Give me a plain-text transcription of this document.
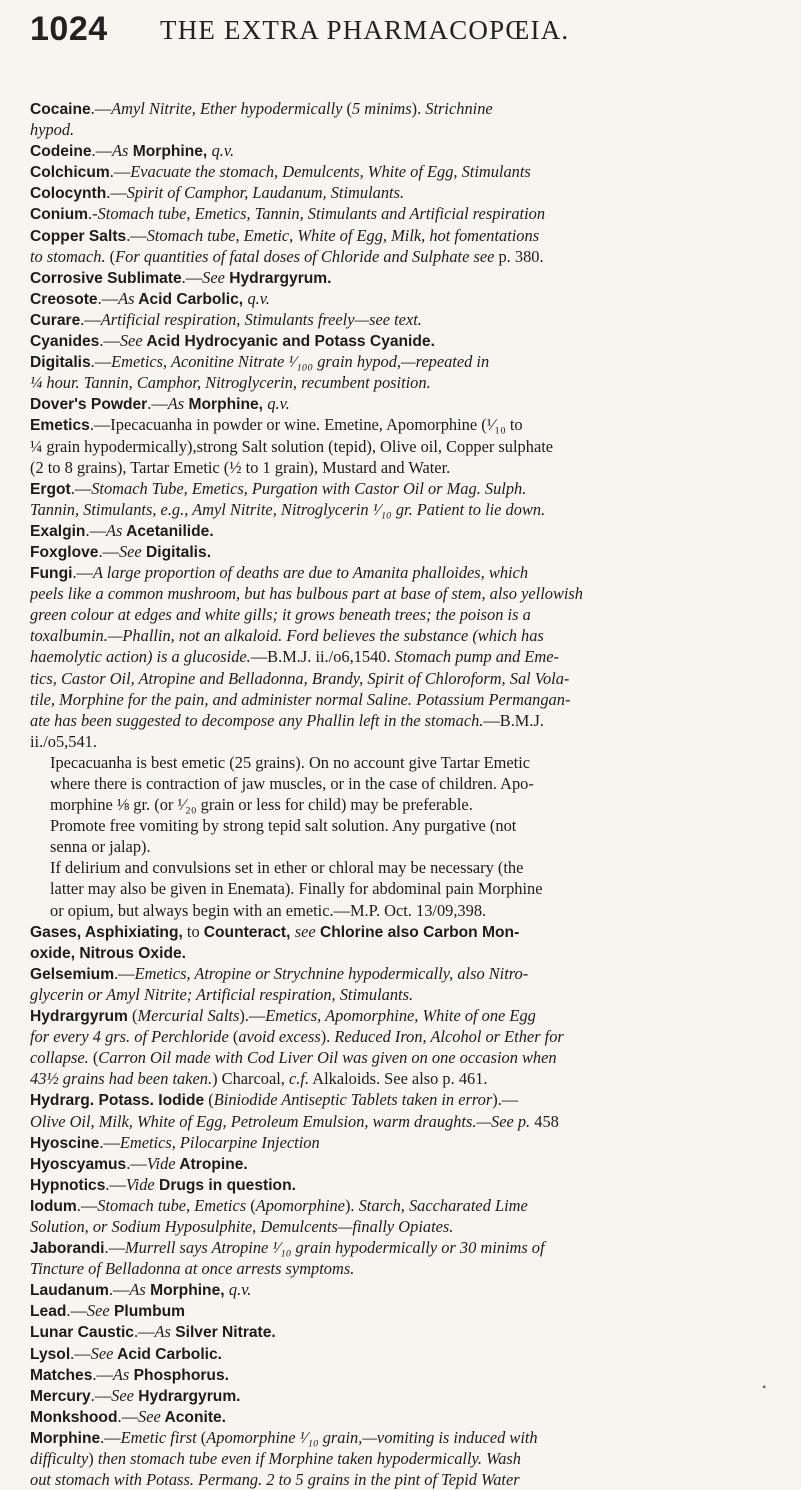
1024 THE EXTRA PHARMACOPŒIA.
Cocaine.—Amyl Nitrite, Ether hypodermically (5 minims). Strichnine
hypod.
Codeine.—As Morphine, q.v.
Colchicum.—Evacuate the stomach, Demulcents, White of Egg, Stimulants
Colocynth.—Spirit of Camphor, Laudanum, Stimulants.
Conium.-Stomach tube, Emetics, Tannin, Stimulants and Artificial respiration
Copper Salts.—Stomach tube, Emetic, White of Egg, Milk, hot fomentations
to stomach. (For quantities of fatal doses of Chloride and Sulphate see p. 380.
Corrosive Sublimate.—See Hydrargyrum.
Creosote.—As Acid Carbolic, q.v.
Curare.—Artificial respiration, Stimulants freely—see text.
Cyanides.—See Acid Hydrocyanic and Potass Cyanide.
Digitalis.—Emetics, Aconitine Nitrate ¹⁄₁₀₀ grain hypod,—repeated in
¼ hour. Tannin, Camphor, Nitroglycerin, recumbent position.
Dover's Powder.—As Morphine, q.v.
Emetics.—Ipecacuanha in powder or wine. Emetine, Apomorphine (¹⁄₁₀ to
¼ grain hypodermically),strong Salt solution (tepid), Olive oil, Copper sulphate
(2 to 8 grains), Tartar Emetic (½ to 1 grain), Mustard and Water.
Ergot.—Stomach Tube, Emetics, Purgation with Castor Oil or Mag. Sulph.
Tannin, Stimulants, e.g., Amyl Nitrite, Nitroglycerin ¹⁄₁₀ gr. Patient to lie down.
Exalgin.—As Acetanilide.
Foxglove.—See Digitalis.
Fungi.—A large proportion of deaths are due to Amanita phalloides, which
peels like a common mushroom, but has bulbous part at base of stem, also yellowish
green colour at edges and white gills; it grows beneath trees; the poison is a
toxalbumin.—Phallin, not an alkaloid. Ford believes the substance (which has
haemolytic action) is a glucoside.—B.M.J. ii./o6,1540. Stomach pump and Eme-
tics, Castor Oil, Atropine and Belladonna, Brandy, Spirit of Chloroform, Sal Vola-
tile, Morphine for the pain, and administer normal Saline. Potassium Permangan-
ate has been suggested to decompose any Phallin left in the stomach.—B.M.J.
ii./o5,541.
Ipecacuanha is best emetic (25 grains). On no account give Tartar Emetic
where there is contraction of jaw muscles, or in the case of children. Apo-
morphine ⅛ gr. (or ¹⁄₂₀ grain or less for child) may be preferable.
Promote free vomiting by strong tepid salt solution. Any purgative (not
senna or jalap).
If delirium and convulsions set in ether or chloral may be necessary (the
latter may also be given in Enemata). Finally for abdominal pain Morphine
or opium, but always begin with an emetic.—M.P. Oct. 13/09,398.
Gases, Asphixiating, to Counteract, see Chlorine also Carbon Mon-
oxide, Nitrous Oxide.
Gelsemium.—Emetics, Atropine or Strychnine hypodermically, also Nitro-
glycerin or Amyl Nitrite; Artificial respiration, Stimulants.
Hydrargyrum (Mercurial Salts).—Emetics, Apomorphine, White of one Egg
for every 4 grs. of Perchloride (avoid excess). Reduced Iron, Alcohol or Ether for
collapse. (Carron Oil made with Cod Liver Oil was given on one occasion when
43½ grains had been taken.) Charcoal, c.f. Alkaloids. See also p. 461.
Hydrarg. Potass. Iodide (Biniodide Antiseptic Tablets taken in error).—
Olive Oil, Milk, White of Egg, Petroleum Emulsion, warm draughts.—See p. 458
Hyoscine.—Emetics, Pilocarpine Injection
Hyoscyamus.—Vide Atropine.
Hypnotics.—Vide Drugs in question.
Iodum.—Stomach tube, Emetics (Apomorphine). Starch, Saccharated Lime
Solution, or Sodium Hyposulphite, Demulcents—finally Opiates.
Jaborandi.—Murrell says Atropine ¹⁄₁₀ grain hypodermically or 30 minims of
Tincture of Belladonna at once arrests symptoms.
Laudanum.—As Morphine, q.v.
Lead.—See Plumbum
Lunar Caustic.—As Silver Nitrate.
Lysol.—See Acid Carbolic.
Matches.—As Phosphorus.
Mercury.—See Hydrargyrum.
Monkshood.—See Aconite.
Morphine.—Emetic first (Apomorphine ¹⁄₁₀ grain,—vomiting is induced with
difficulty) then stomach tube even if Morphine taken hypodermically. Wash
out stomach with Potass. Permang. 2 to 5 grains in the pint of Tepid Water
•
